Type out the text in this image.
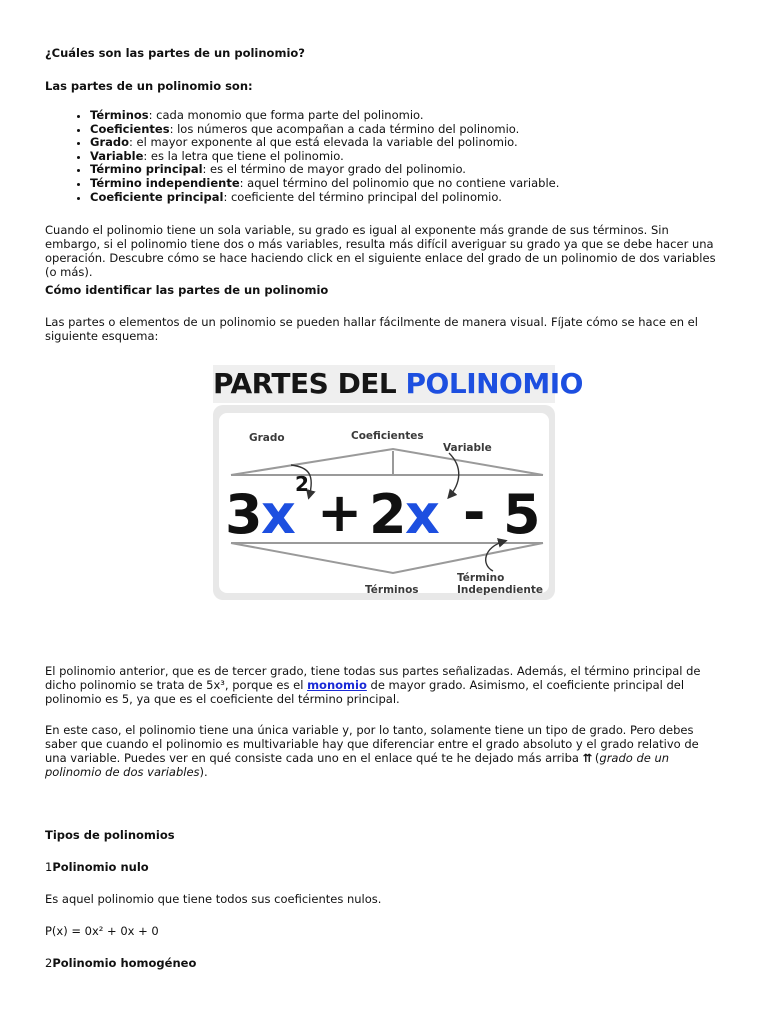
¿Cuáles son las partes de un polinomio?
Las partes de un polinomio son:
• Términos: cada monomio que forma parte del polinomio.
• Coeficientes: los números que acompañan a cada término del polinomio.
• Grado: el mayor exponente al que está elevada la variable del polinomio.
• Variable: es la letra que tiene el polinomio.
• Término principal: es el término de mayor grado del polinomio.
• Término independiente: aquel término del polinomio que no contiene variable.
• Coeficiente principal: coeficiente del término principal del polinomio.
Cuando el polinomio tiene un sola variable, su grado es igual al exponente más grande de sus términos. Sin embargo, si el polinomio tiene dos o más variables, resulta más difícil averiguar su grado ya que se debe hacer una operación. Descubre cómo se hace haciendo click en el siguiente enlace del grado de un polinomio de dos variables (o más).
Cómo identificar las partes de un polinomio
Las partes o elementos de un polinomio se pueden hallar fácilmente de manera visual. Fíjate cómo se hace en el siguiente esquema:
El polinomio anterior, que es de tercer grado, tiene todas sus partes señalizadas. Además, el término principal de dicho polinomio se trata de 5x³, porque es el monomio de mayor grado. Asimismo, el coeficiente principal del polinomio es 5, ya que es el coeficiente del término principal.
En este caso, el polinomio tiene una única variable y, por lo tanto, solamente tiene un tipo de grado. Pero debes saber que cuando el polinomio es multivariable hay que diferenciar entre el grado absoluto y el grado relativo de una variable. Puedes ver en qué consiste cada uno en el enlace qué te he dejado más arriba ⇈ (grado de un polinomio de dos variables).
Tipos de polinomios
1Polinomio nulo
Es aquel polinomio que tiene todos sus coeficientes nulos.
P(x) = 0x² + 0x + 0
2Polinomio homogéneo
PARTES DEL POLINOMIO
Grado	Coeficientes
Variable
Términos
Término
Independiente
3
x 2 + 2
x - 5
